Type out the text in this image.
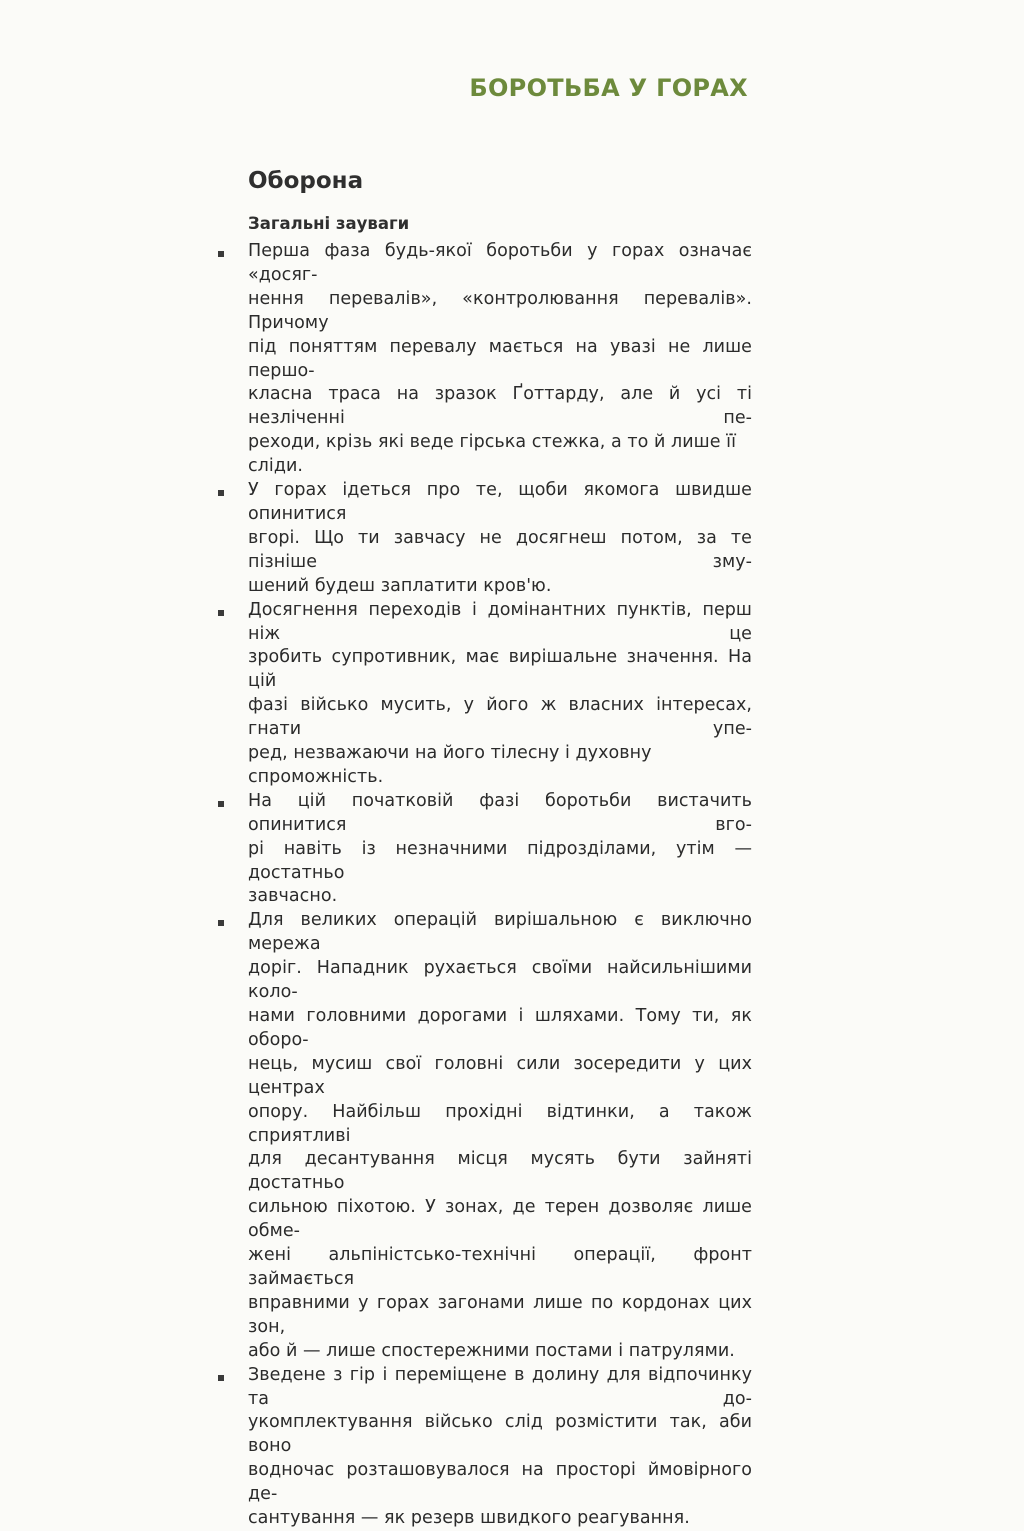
БОРОТЬБА У ГОРАХ
Оборона
Загальні зауваги

Перша фаза будь-якої боротьби у горах означає «досяг-
нення перевалів», «контролювання перевалів». Причому
під поняттям перевалу мається на увазі не лише першо-
класна траса на зразок Ґоттарду, але й усі ті незліченні пе-
реходи, крізь які веде гірська стежка, а то й лише її сліди.

У горах ідеться про те, щоби якомога швидше опинитися
вгорі. Що ти завчасу не досягнеш потом, за те пізніше зму-
шений будеш заплатити кров'ю.

Досягнення переходів і домінантних пунктів, перш ніж це
зробить супротивник, має вирішальне значення. На цій
фазі військо мусить, у його ж власних інтересах, гнати упе-
ред, незважаючи на його тілесну і духовну спроможність.

На цій початковій фазі боротьби вистачить опинитися вго-
рі навіть із незначними підрозділами, утім — достатньо
завчасно.

Для великих операцій вирішальною є виключно мережа
доріг. Нападник рухається своїми найсильнішими коло-
нами головними дорогами і шляхами. Тому ти, як оборо-
нець, мусиш свої головні сили зосередити у цих центрах
опору. Найбільш прохідні відтинки, а також сприятливі
для десантування місця мусять бути зайняті достатньо
сильною піхотою. У зонах, де терен дозволяє лише обме-
жені альпіністсько-технічні операції, фронт займається
вправними у горах загонами лише по кордонах цих зон,
або й — лише спостережними постами і патрулями.

Зведене з гір і переміщене в долину для відпочинку та до-
укомплектування військо слід розмістити так, аби воно
водночас розташовувалося на просторі ймовірного де-
сантування — як резерв швидкого реагування.
